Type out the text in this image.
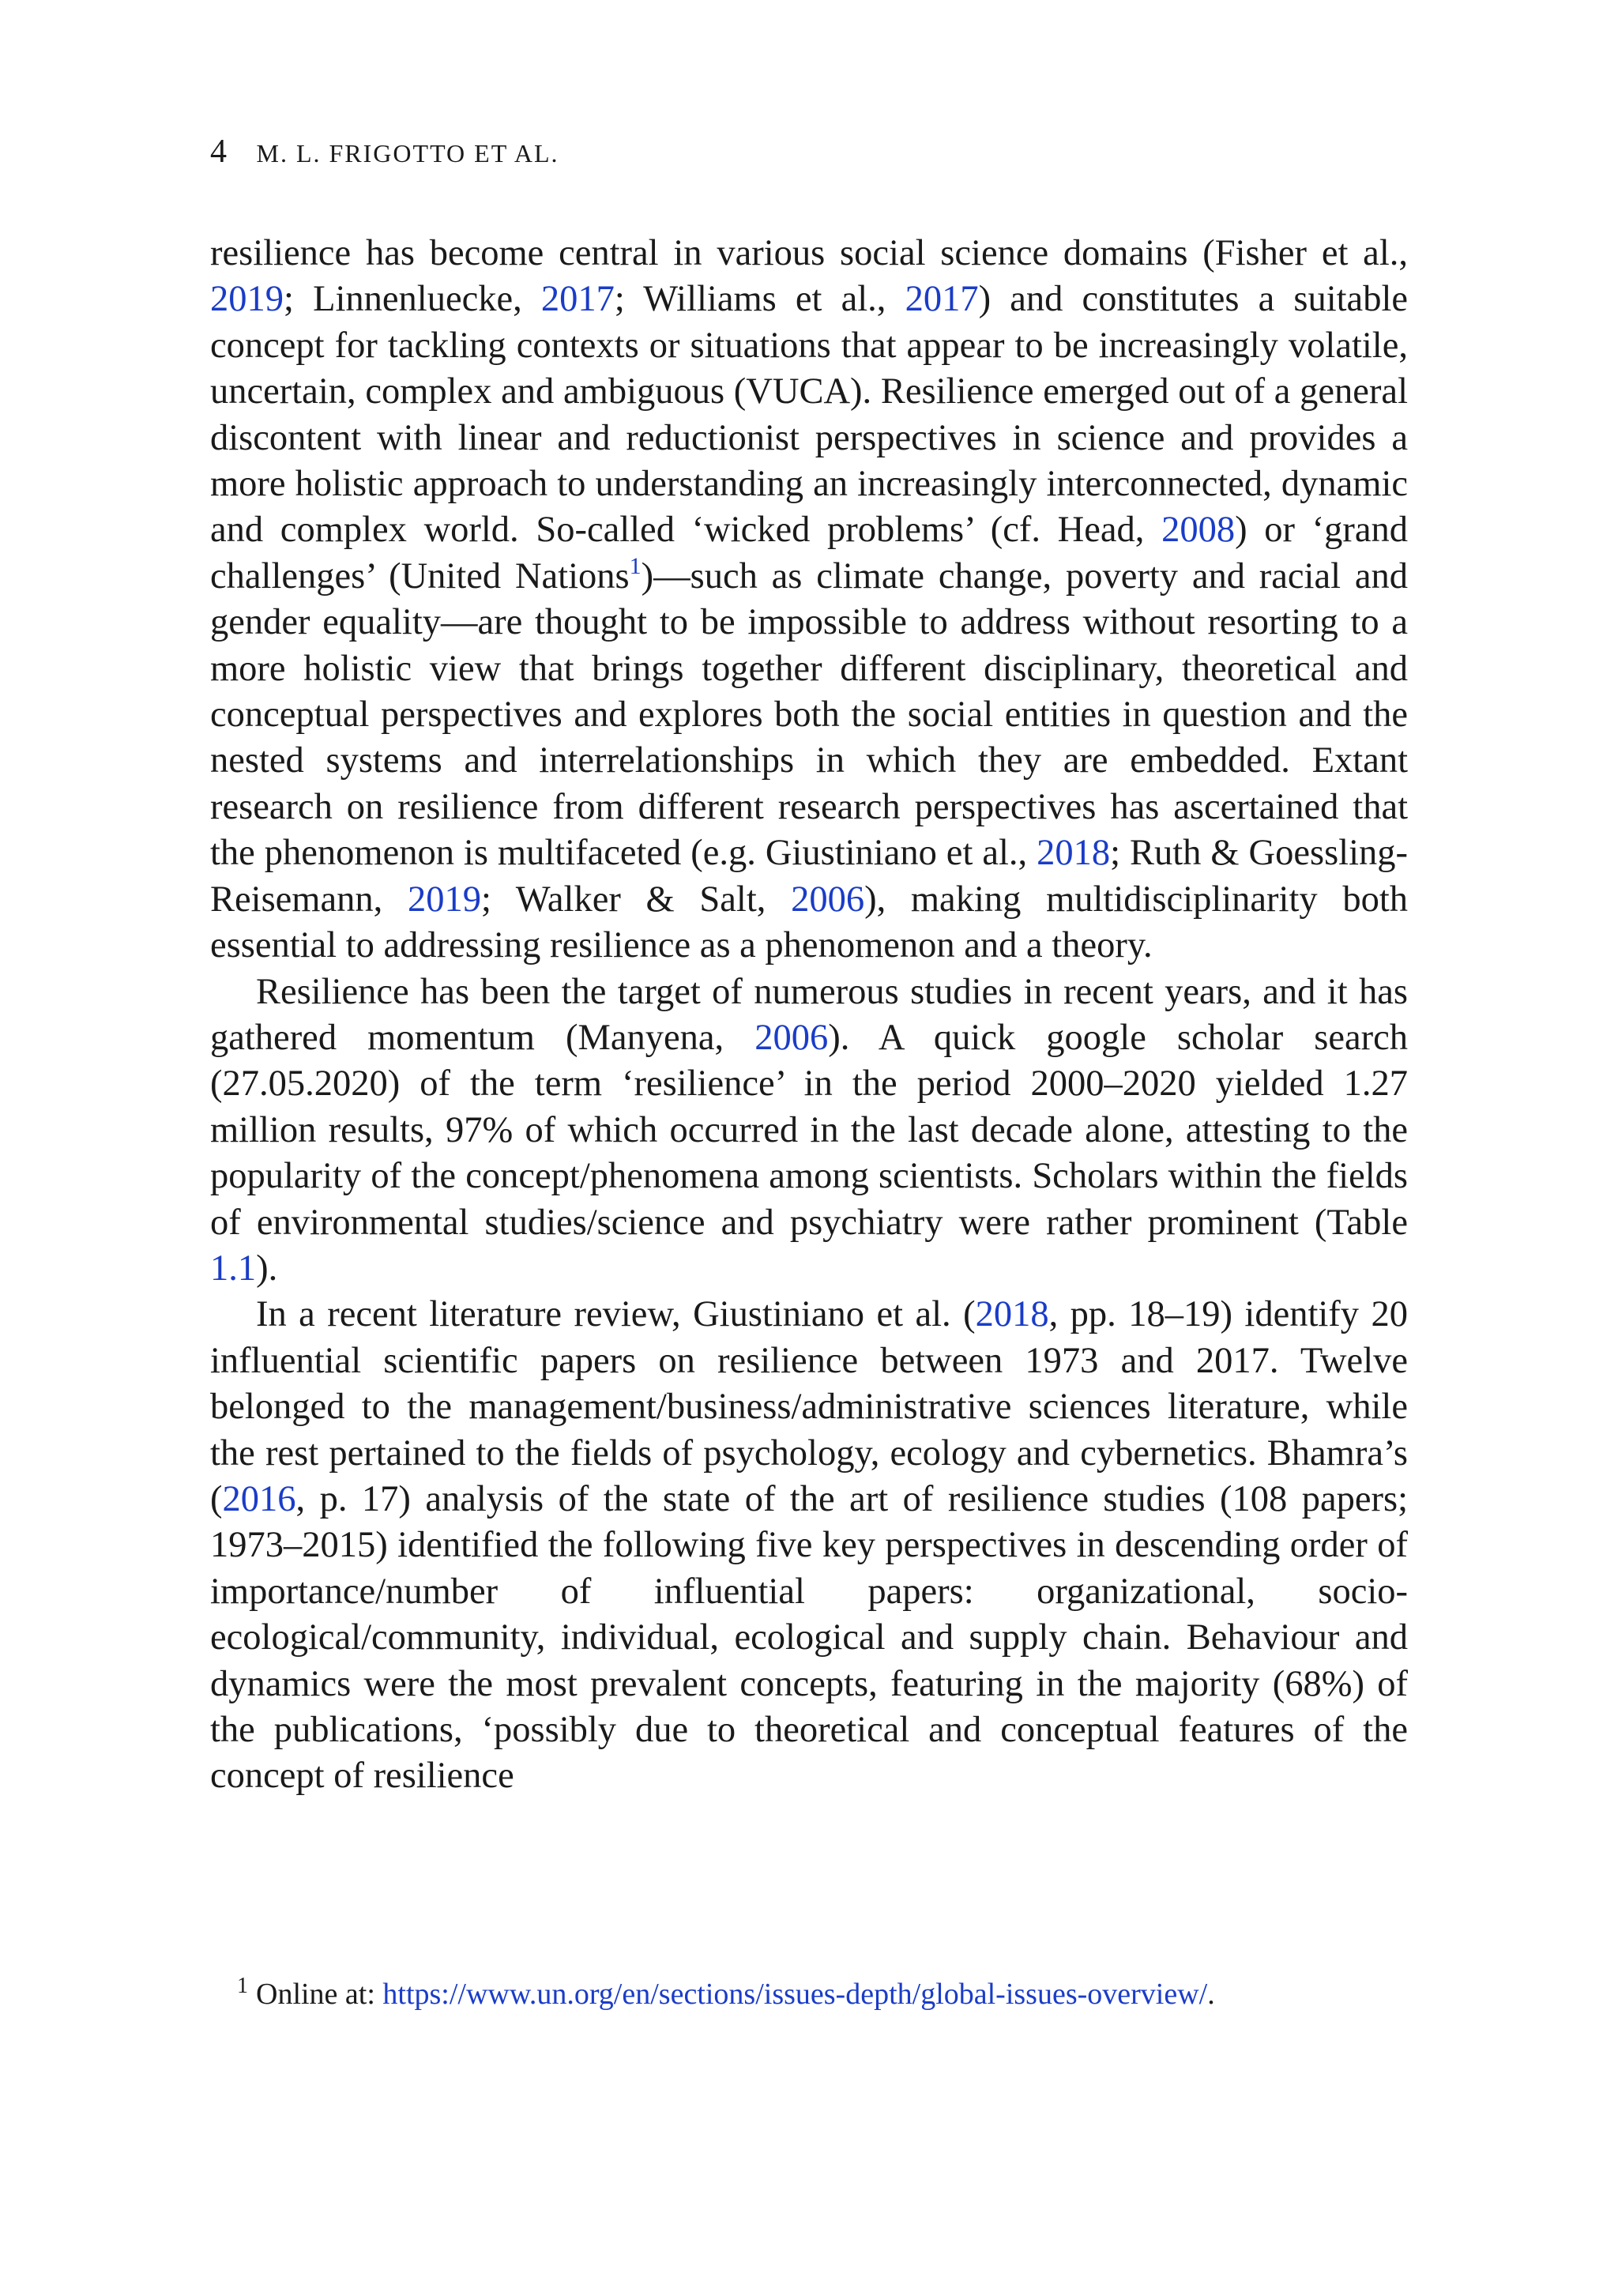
4 M. L. FRIGOTTO ET AL.

resilience has become central in various social science domains (Fisher et al., 2019; Linnenluecke, 2017; Williams et al., 2017) and constitutes a suitable concept for tackling contexts or situations that appear to be increasingly volatile, uncertain, complex and ambiguous (VUCA). Resilience emerged out of a general discontent with linear and reductionist perspectives in science and provides a more holistic approach to understanding an increasingly interconnected, dynamic and complex world. So-called ‘wicked problems’ (cf. Head, 2008) or ‘grand challenges’ (United Nations$^1$)—such as climate change, poverty and racial and gender equality—are thought to be impossible to address without resorting to a more holistic view that brings together different disciplinary, theoretical and conceptual perspectives and explores both the social entities in question and the nested systems and interrelationships in which they are embedded. Extant research on resilience from different research perspectives has ascertained that the phenomenon is multifaceted (e.g. Giustiniano et al., 2018; Ruth & Goessling-Reisemann, 2019; Walker & Salt, 2006), making multidisciplinarity both essential to addressing resilience as a phenomenon and a theory.

Resilience has been the target of numerous studies in recent years, and it has gathered momentum (Manyena, 2006). A quick google scholar search (27.05.2020) of the term ‘resilience’ in the period 2000–2020 yielded 1.27 million results, 97% of which occurred in the last decade alone, attesting to the popularity of the concept/phenomena among scientists. Scholars within the fields of environmental studies/science and psychiatry were rather prominent (Table 1.1).

In a recent literature review, Giustiniano et al. (2018, pp. 18–19) identify 20 influential scientific papers on resilience between 1973 and 2017. Twelve belonged to the management/business/administrative sciences literature, while the rest pertained to the fields of psychology, ecology and cybernetics. Bhamra’s (2016, p. 17) analysis of the state of the art of resilience studies (108 papers; 1973–2015) identified the following five key perspectives in descending order of importance/number of influential papers: organizational, socio-ecological/community, individual, ecological and supply chain. Behaviour and dynamics were the most prevalent concepts, featuring in the majority (68%) of the publications, ‘possibly due to theoretical and conceptual features of the concept of resilience

$^1$ Online at: https://www.un.org/en/sections/issues-depth/global-issues-overview/.
